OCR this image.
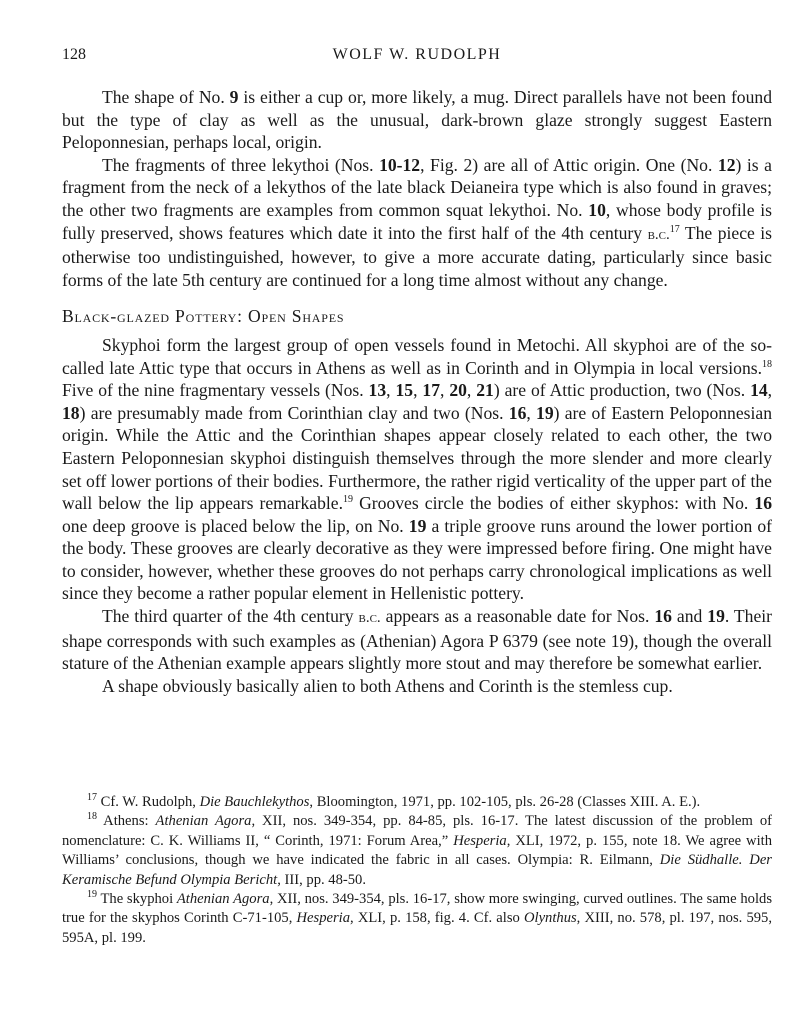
128	WOLF W. RUDOLPH

The shape of No. 9 is either a cup or, more likely, a mug. Direct parallels have not been found but the type of clay as well as the unusual, dark-brown glaze strongly suggest Eastern Peloponnesian, perhaps local, origin.

The fragments of three lekythoi (Nos. 10-12, Fig. 2) are all of Attic origin. One (No. 12) is a fragment from the neck of a lekythos of the late black Deianeira type which is also found in graves; the other two fragments are examples from common squat lekythoi. No. 10, whose body profile is fully preserved, shows features which date it into the first half of the 4th century b.c.$^{17}$ The piece is otherwise too undistinguished, however, to give a more accurate dating, particularly since basic forms of the late 5th century are continued for a long time almost without any change.

Black-glazed Pottery: Open Shapes

Skyphoi form the largest group of open vessels found in Metochi. All skyphoi are of the so-called late Attic type that occurs in Athens as well as in Corinth and in Olympia in local versions.$^{18}$ Five of the nine fragmentary vessels (Nos. 13, 15, 17, 20, 21) are of Attic production, two (Nos. 14, 18) are presumably made from Corinthian clay and two (Nos. 16, 19) are of Eastern Peloponnesian origin. While the Attic and the Corinthian shapes appear closely related to each other, the two Eastern Peloponnesian skyphoi distinguish themselves through the more slender and more clearly set off lower portions of their bodies. Furthermore, the rather rigid verticality of the upper part of the wall below the lip appears remarkable.$^{19}$ Grooves circle the bodies of either skyphos: with No. 16 one deep groove is placed below the lip, on No. 19 a triple groove runs around the lower portion of the body. These grooves are clearly decorative as they were impressed before firing. One might have to consider, however, whether these grooves do not perhaps carry chronological implications as well since they become a rather popular element in Hellenistic pottery.

The third quarter of the 4th century b.c. appears as a reasonable date for Nos. 16 and 19. Their shape corresponds with such examples as (Athenian) Agora P 6379 (see note 19), though the overall stature of the Athenian example appears slightly more stout and may therefore be somewhat earlier.

A shape obviously basically alien to both Athens and Corinth is the stemless cup.

$^{17}$ Cf. W. Rudolph, Die Bauchlekythos, Bloomington, 1971, pp. 102-105, pls. 26-28 (Classes XIII. A. E.).

$^{18}$ Athens: Athenian Agora, XII, nos. 349-354, pp. 84-85, pls. 16-17. The latest discussion of the problem of nomenclature: C. K. Williams II, “ Corinth, 1971: Forum Area,” Hesperia, XLI, 1972, p. 155, note 18. We agree with Williams’ conclusions, though we have indicated the fabric in all cases. Olympia: R. Eilmann, Die Südhalle. Der Keramische Befund Olympia Bericht, III, pp. 48-50.

$^{19}$ The skyphoi Athenian Agora, XII, nos. 349-354, pls. 16-17, show more swinging, curved outlines. The same holds true for the skyphos Corinth C-71-105, Hesperia, XLI, p. 158, fig. 4. Cf. also Olynthus, XIII, no. 578, pl. 197, nos. 595, 595A, pl. 199.
